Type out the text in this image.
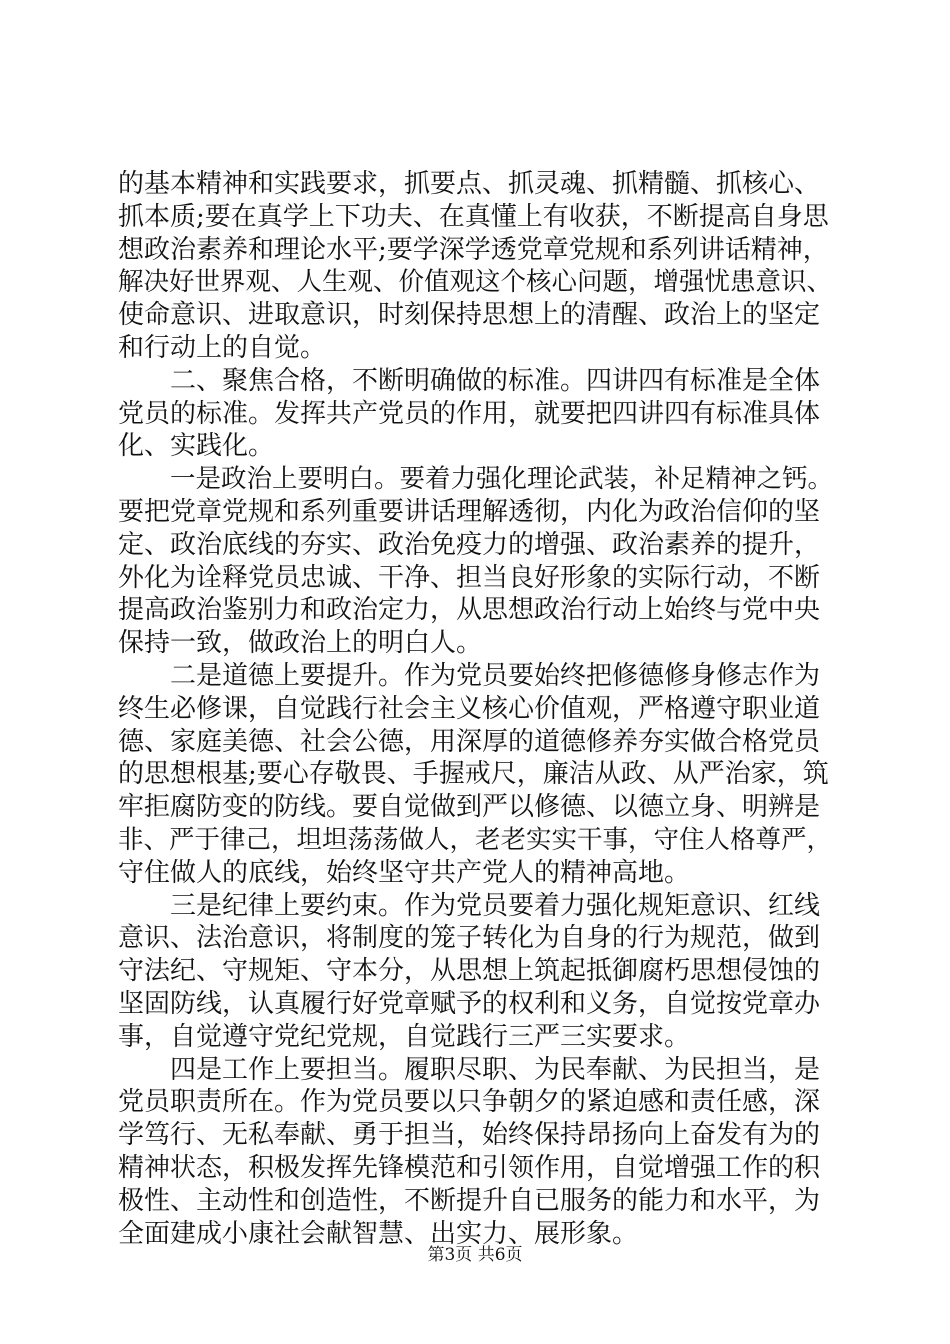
的基本精神和实践要求，抓要点、抓灵魂、抓精髓、抓核心、
抓本质;要在真学上下功夫、在真懂上有收获，不断提高自身思
想政治素养和理论水平;要学深学透党章党规和系列讲话精神，
解决好世界观、人生观、价值观这个核心问题，增强忧患意识、
使命意识、进取意识，时刻保持思想上的清醒、政治上的坚定
和行动上的自觉。
二、聚焦合格，不断明确做的标准。四讲四有标准是全体
党员的标准。发挥共产党员的作用，就要把四讲四有标准具体
化、实践化。
一是政治上要明白。要着力强化理论武装，补足精神之钙。
要把党章党规和系列重要讲话理解透彻，内化为政治信仰的坚
定、政治底线的夯实、政治免疫力的增强、政治素养的提升，
外化为诠释党员忠诚、干净、担当良好形象的实际行动，不断
提高政治鉴别力和政治定力，从思想政治行动上始终与党中央
保持一致，做政治上的明白人。
二是道德上要提升。作为党员要始终把修德修身修志作为
终生必修课，自觉践行社会主义核心价值观，严格遵守职业道
德、家庭美德、社会公德，用深厚的道德修养夯实做合格党员
的思想根基;要心存敬畏、手握戒尺，廉洁从政、从严治家，筑
牢拒腐防变的防线。要自觉做到严以修德、以德立身、明辨是
非、严于律己，坦坦荡荡做人，老老实实干事，守住人格尊严，
守住做人的底线，始终坚守共产党人的精神高地。
三是纪律上要约束。作为党员要着力强化规矩意识、红线
意识、法治意识，将制度的笼子转化为自身的行为规范，做到
守法纪、守规矩、守本分，从思想上筑起抵御腐朽思想侵蚀的
坚固防线，认真履行好党章赋予的权利和义务，自觉按党章办
事，自觉遵守党纪党规，自觉践行三严三实要求。
四是工作上要担当。履职尽职、为民奉献、为民担当，是
党员职责所在。作为党员要以只争朝夕的紧迫感和责任感，深
学笃行、无私奉献、勇于担当，始终保持昂扬向上奋发有为的
精神状态，积极发挥先锋模范和引领作用，自觉增强工作的积
极性、主动性和创造性，不断提升自已服务的能力和水平，为
全面建成小康社会献智慧、出实力、展形象。
第3页 共6页
